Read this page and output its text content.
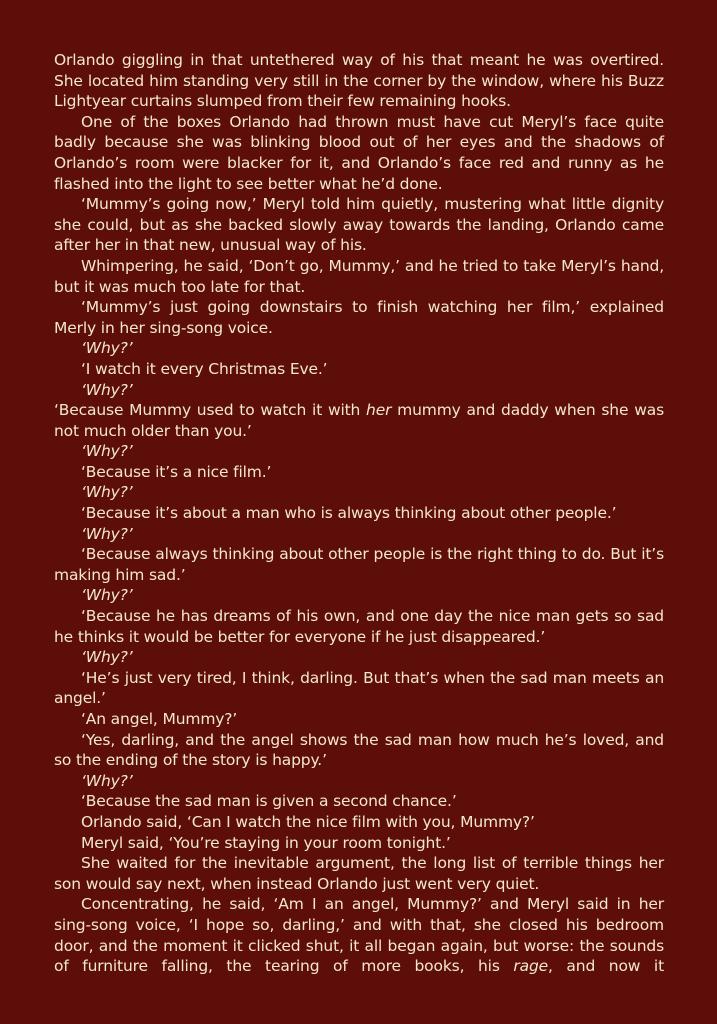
Orlando giggling in that untethered way of his that meant he was overtired. She located him standing very still in the corner by the window, where his Buzz Lightyear curtains slumped from their few remaining hooks.

One of the boxes Orlando had thrown must have cut Meryl’s face quite badly because she was blinking blood out of her eyes and the shadows of Orlando’s room were blacker for it, and Orlando’s face red and runny as he flashed into the light to see better what he’d done.

‘Mummy’s going now,’ Meryl told him quietly, mustering what little dignity she could, but as she backed slowly away towards the landing, Orlando came after her in that new, unusual way of his.

Whimpering, he said, ‘Don’t go, Mummy,’ and he tried to take Meryl’s hand, but it was much too late for that.

‘Mummy’s just going downstairs to finish watching her film,’ explained Merly in her sing-song voice.

‘Why?’

‘I watch it every Christmas Eve.’

‘Why?’

‘Because Mummy used to watch it with her mummy and daddy when she was not much older than you.’

‘Why?’

‘Because it’s a nice film.’

‘Why?’

‘Because it’s about a man who is always thinking about other people.’

‘Why?’

‘Because always thinking about other people is the right thing to do. But it’s making him sad.’

‘Why?’

‘Because he has dreams of his own, and one day the nice man gets so sad he thinks it would be better for everyone if he just disappeared.’

‘Why?’

‘He’s just very tired, I think, darling. But that’s when the sad man meets an angel.’

‘An angel, Mummy?’

‘Yes, darling, and the angel shows the sad man how much he’s loved, and so the ending of the story is happy.’

‘Why?’

‘Because the sad man is given a second chance.’

Orlando said, ‘Can I watch the nice film with you, Mummy?’

Meryl said, ‘You’re staying in your room tonight.’

She waited for the inevitable argument, the long list of terrible things her son would say next, when instead Orlando just went very quiet.

Concentrating, he said, ‘Am I an angel, Mummy?’ and Meryl said in her sing-song voice, ‘I hope so, darling,’ and with that, she closed his bedroom door, and the moment it clicked shut, it all began again, but worse: the sounds of furniture falling, the tearing of more books, his rage, and now it
